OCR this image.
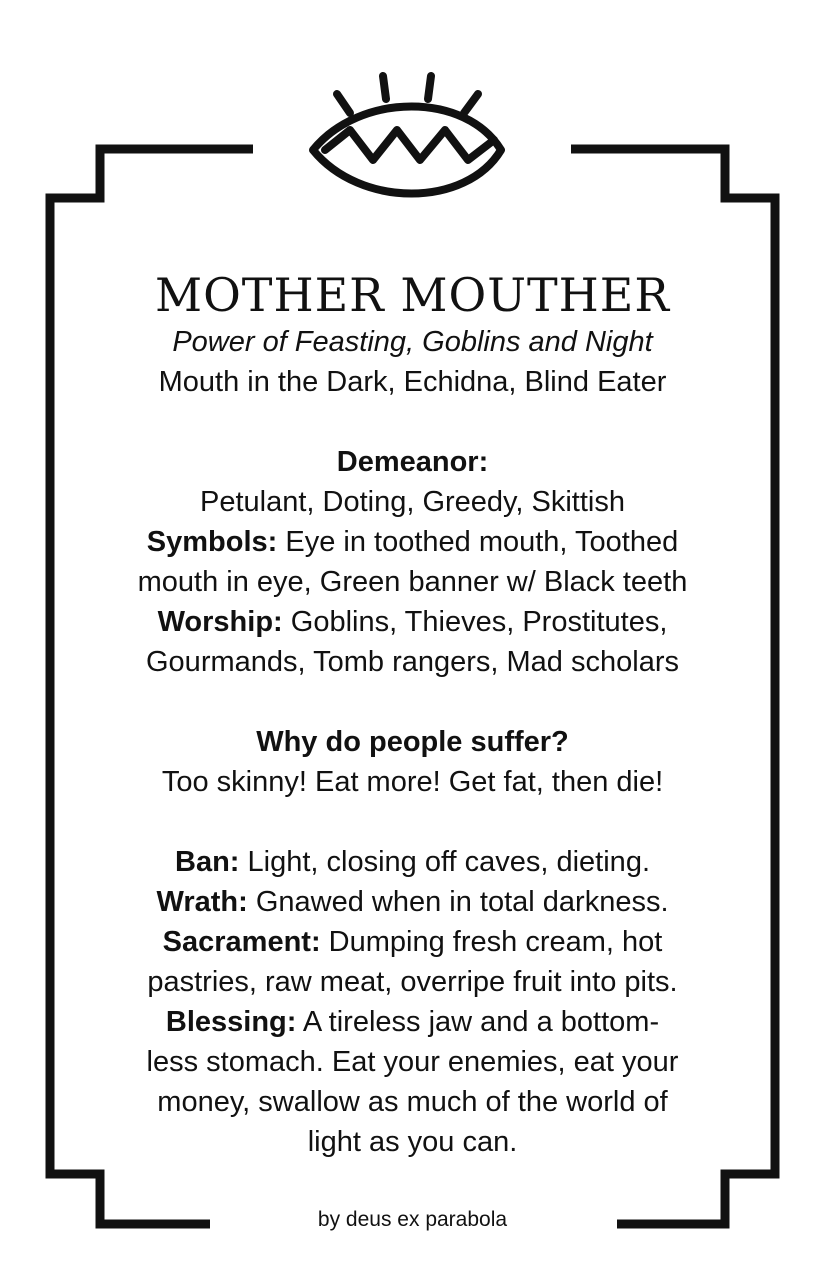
MOTHER MOUTHER
Power of Feasting, Goblins and Night
Mouth in the Dark, Echidna, Blind Eater
Demeanor:
Petulant, Doting, Greedy, Skittish
Symbols: Eye in toothed mouth, Toothed
mouth in eye, Green banner w/ Black teeth
Worship: Goblins, Thieves, Prostitutes,
Gourmands, Tomb rangers, Mad scholars
Why do people suffer?
Too skinny! Eat more! Get fat, then die!
Ban: Light, closing off caves, dieting.
Wrath: Gnawed when in total darkness.
Sacrament: Dumping fresh cream, hot
pastries, raw meat, overripe fruit into pits.
Blessing: A tireless jaw and a bottom-
less stomach. Eat your enemies, eat your
money, swallow as much of the world of
light as you can.
by deus ex parabola
